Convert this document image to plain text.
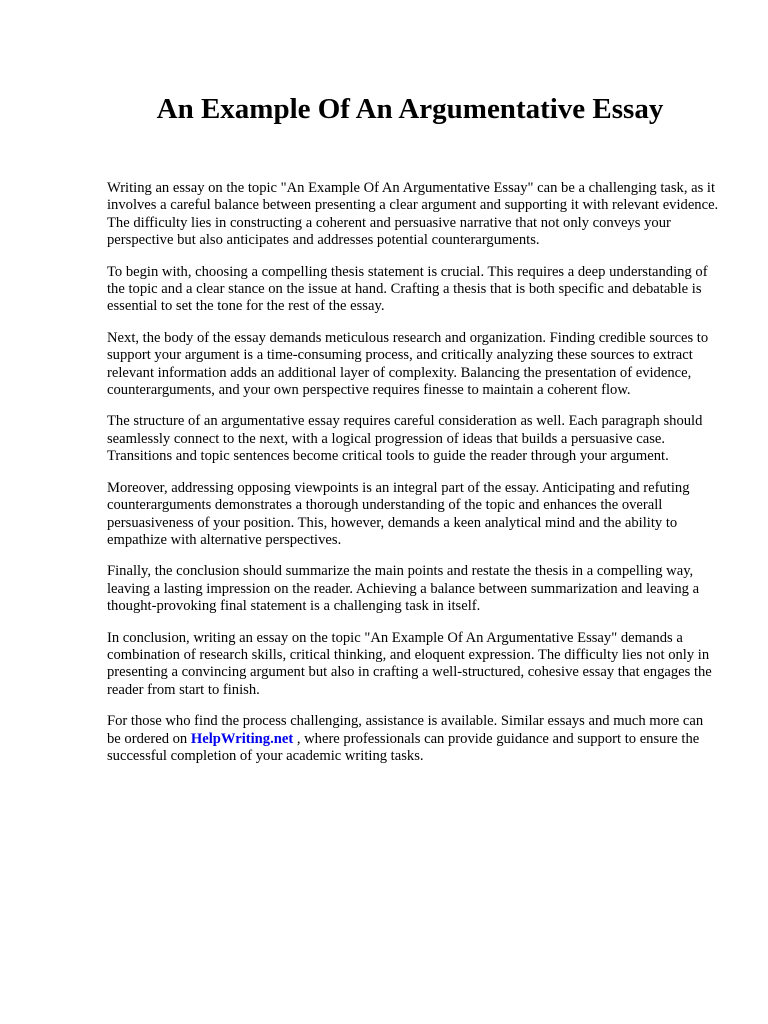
An Example Of An Argumentative Essay

Writing an essay on the topic "An Example Of An Argumentative Essay" can be a challenging task, as it involves a careful balance between presenting a clear argument and supporting it with relevant evidence. The difficulty lies in constructing a coherent and persuasive narrative that not only conveys your perspective but also anticipates and addresses potential counterarguments.

To begin with, choosing a compelling thesis statement is crucial. This requires a deep understanding of the topic and a clear stance on the issue at hand. Crafting a thesis that is both specific and debatable is essential to set the tone for the rest of the essay.

Next, the body of the essay demands meticulous research and organization. Finding credible sources to support your argument is a time-consuming process, and critically analyzing these sources to extract relevant information adds an additional layer of complexity. Balancing the presentation of evidence, counterarguments, and your own perspective requires finesse to maintain a coherent flow.

The structure of an argumentative essay requires careful consideration as well. Each paragraph should seamlessly connect to the next, with a logical progression of ideas that builds a persuasive case. Transitions and topic sentences become critical tools to guide the reader through your argument.

Moreover, addressing opposing viewpoints is an integral part of the essay. Anticipating and refuting counterarguments demonstrates a thorough understanding of the topic and enhances the overall persuasiveness of your position. This, however, demands a keen analytical mind and the ability to empathize with alternative perspectives.

Finally, the conclusion should summarize the main points and restate the thesis in a compelling way, leaving a lasting impression on the reader. Achieving a balance between summarization and leaving a thought-provoking final statement is a challenging task in itself.

In conclusion, writing an essay on the topic "An Example Of An Argumentative Essay" demands a combination of research skills, critical thinking, and eloquent expression. The difficulty lies not only in presenting a convincing argument but also in crafting a well-structured, cohesive essay that engages the reader from start to finish.

For those who find the process challenging, assistance is available. Similar essays and much more can be ordered on HelpWriting.net , where professionals can provide guidance and support to ensure the successful completion of your academic writing tasks.
